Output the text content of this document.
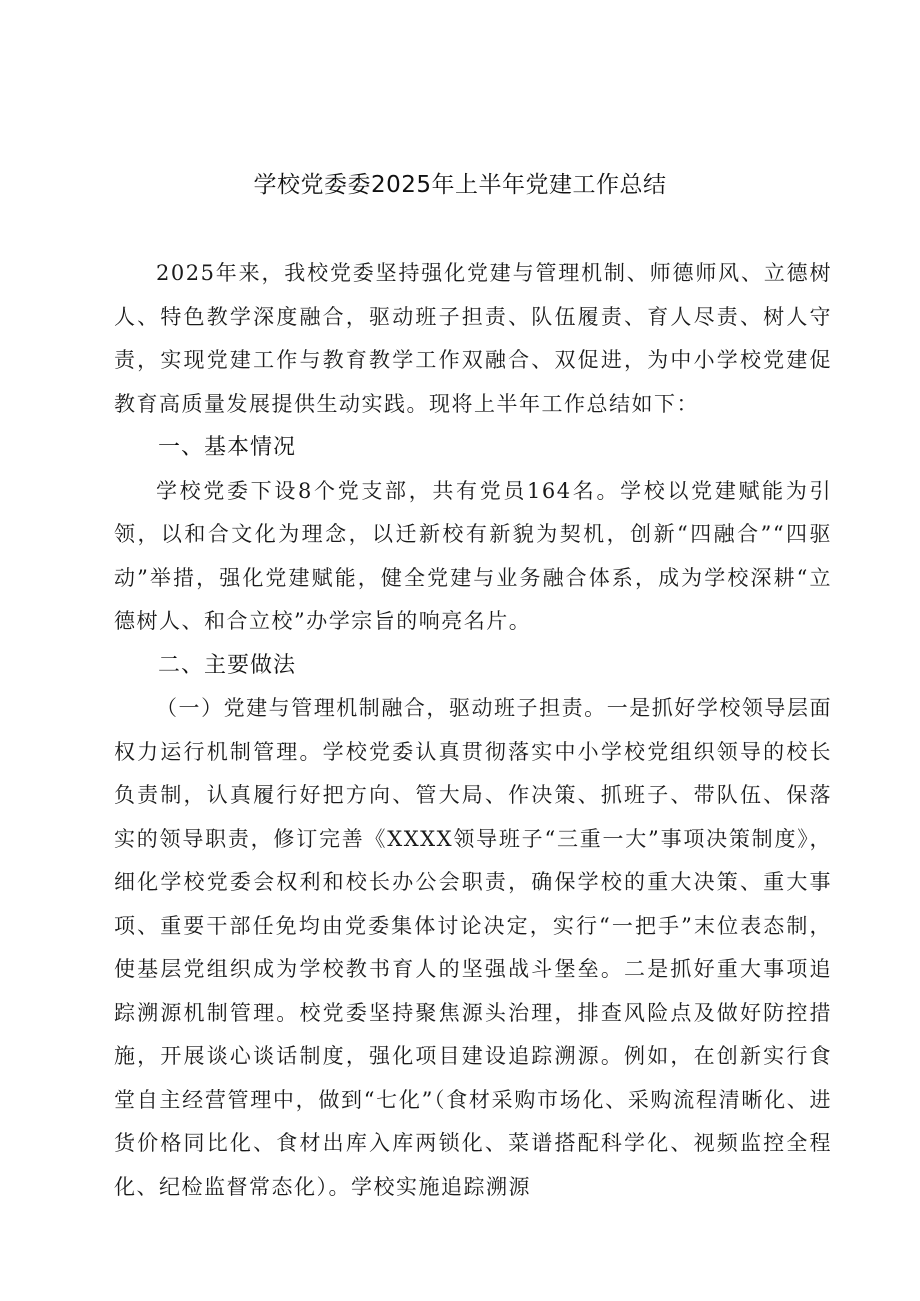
学校党委委2025年上半年党建工作总结

2025年来，我校党委坚持强化党建与管理机制、师德师风、立德树人、特色教学深度融合，驱动班子担责、队伍履责、育人尽责、树人守责，实现党建工作与教育教学工作双融合、双促进，为中小学校党建促教育高质量发展提供生动实践。现将上半年工作总结如下：

一、基本情况

学校党委下设8个党支部，共有党员164名。学校以党建赋能为引领，以和合文化为理念，以迁新校有新貌为契机，创新“四融合”“四驱动”举措，强化党建赋能，健全党建与业务融合体系，成为学校深耕“立德树人、和合立校”办学宗旨的响亮名片。

二、主要做法

（一）党建与管理机制融合，驱动班子担责。一是抓好学校领导层面权力运行机制管理。学校党委认真贯彻落实中小学校党组织领导的校长负责制，认真履行好把方向、管大局、作决策、抓班子、带队伍、保落实的领导职责，修订完善《XXXX领导班子“三重一大”事项决策制度》，细化学校党委会权利和校长办公会职责，确保学校的重大决策、重大事项、重要干部任免均由党委集体讨论决定，实行“一把手”末位表态制，使基层党组织成为学校教书育人的坚强战斗堡垒。二是抓好重大事项追踪溯源机制管理。校党委坚持聚焦源头治理，排查风险点及做好防控措施，开展谈心谈话制度，强化项目建设追踪溯源。例如，在创新实行食堂自主经营管理中，做到“七化”（食材采购市场化、采购流程清晰化、进货价格同比化、食材出库入库两锁化、菜谱搭配科学化、视频监控全程化、纪检监督常态化）。学校实施追踪溯源
